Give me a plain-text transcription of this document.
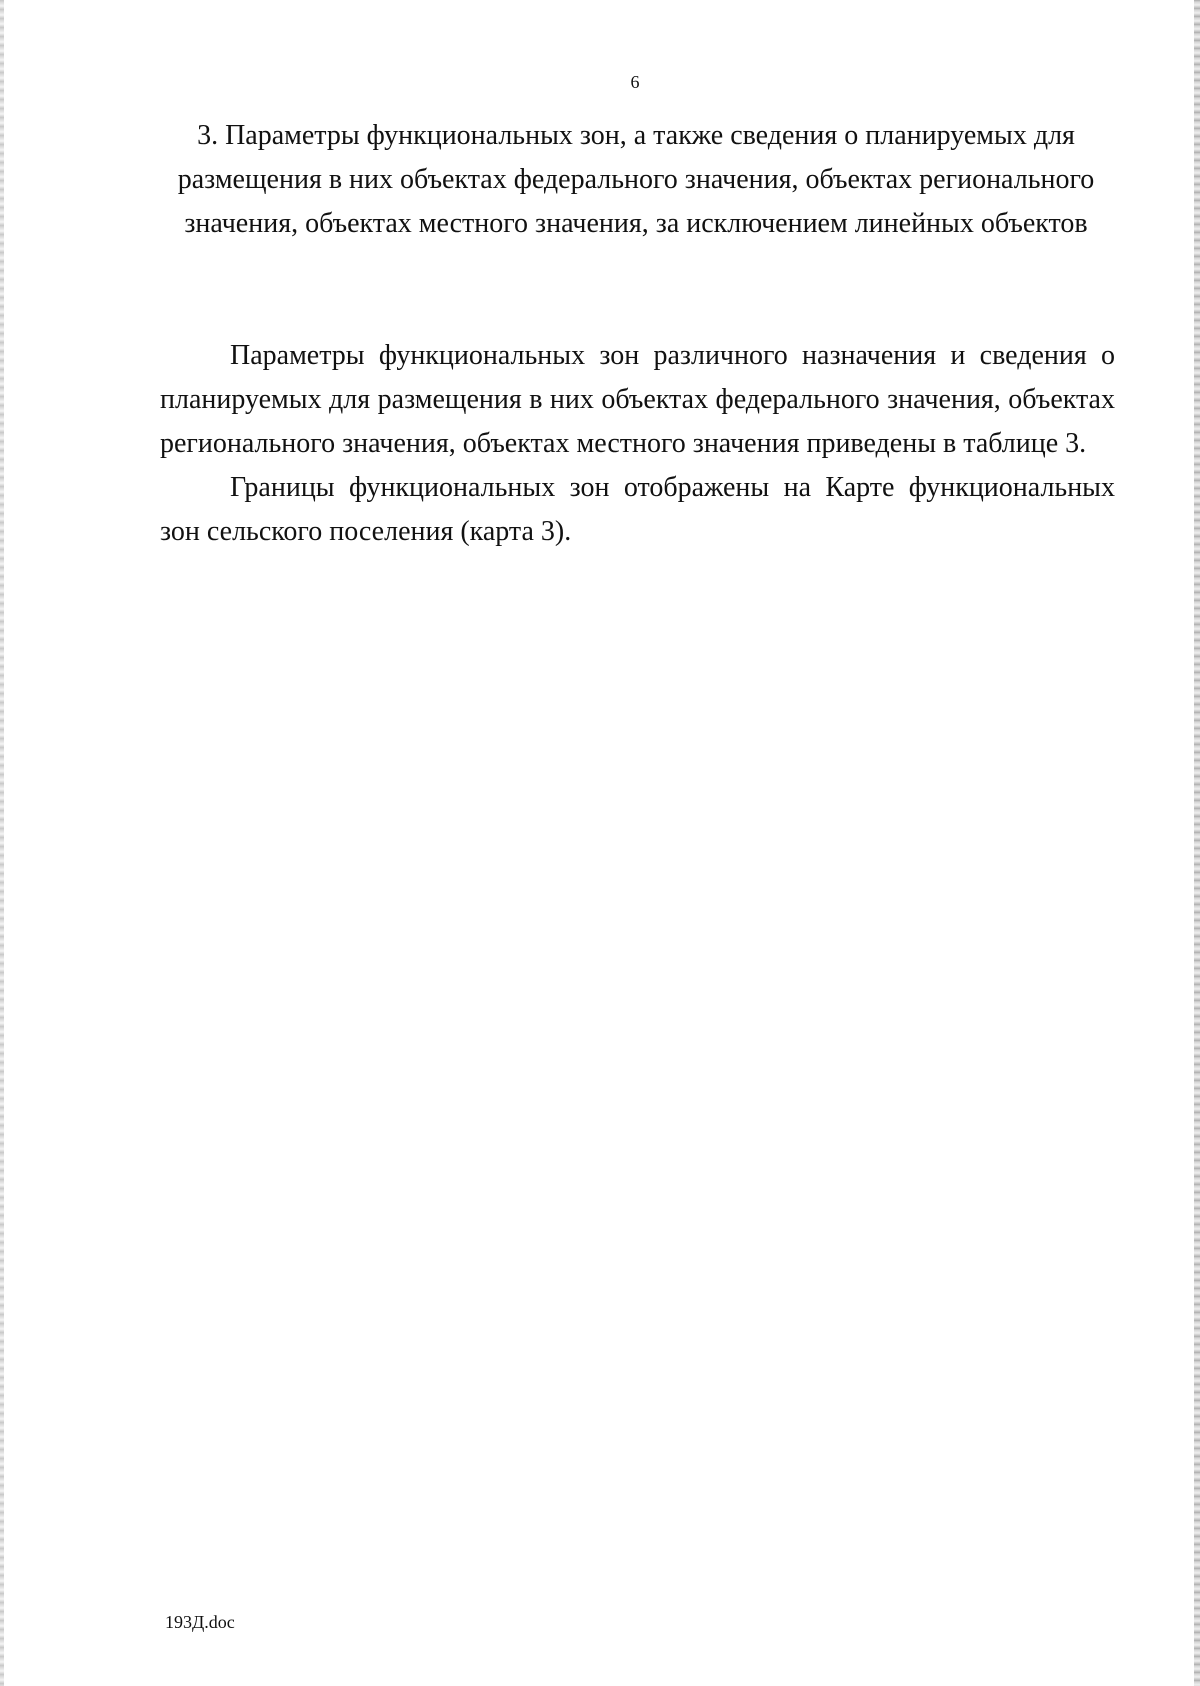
6
3. Параметры функциональных зон, а также сведения о планируемых для размещения в них объектах федерального значения, объектах регионального значения, объектах местного значения, за исключением линейных объектов

Параметры функциональных зон различного назначения и сведения о планируемых для размещения в них объектах федерального значения, объектах регионального значения, объектах местного значения приведены в таблице 3.

Границы функциональных зон отображены на Карте функциональных зон сельского поселения (карта 3).

193Д.doc
